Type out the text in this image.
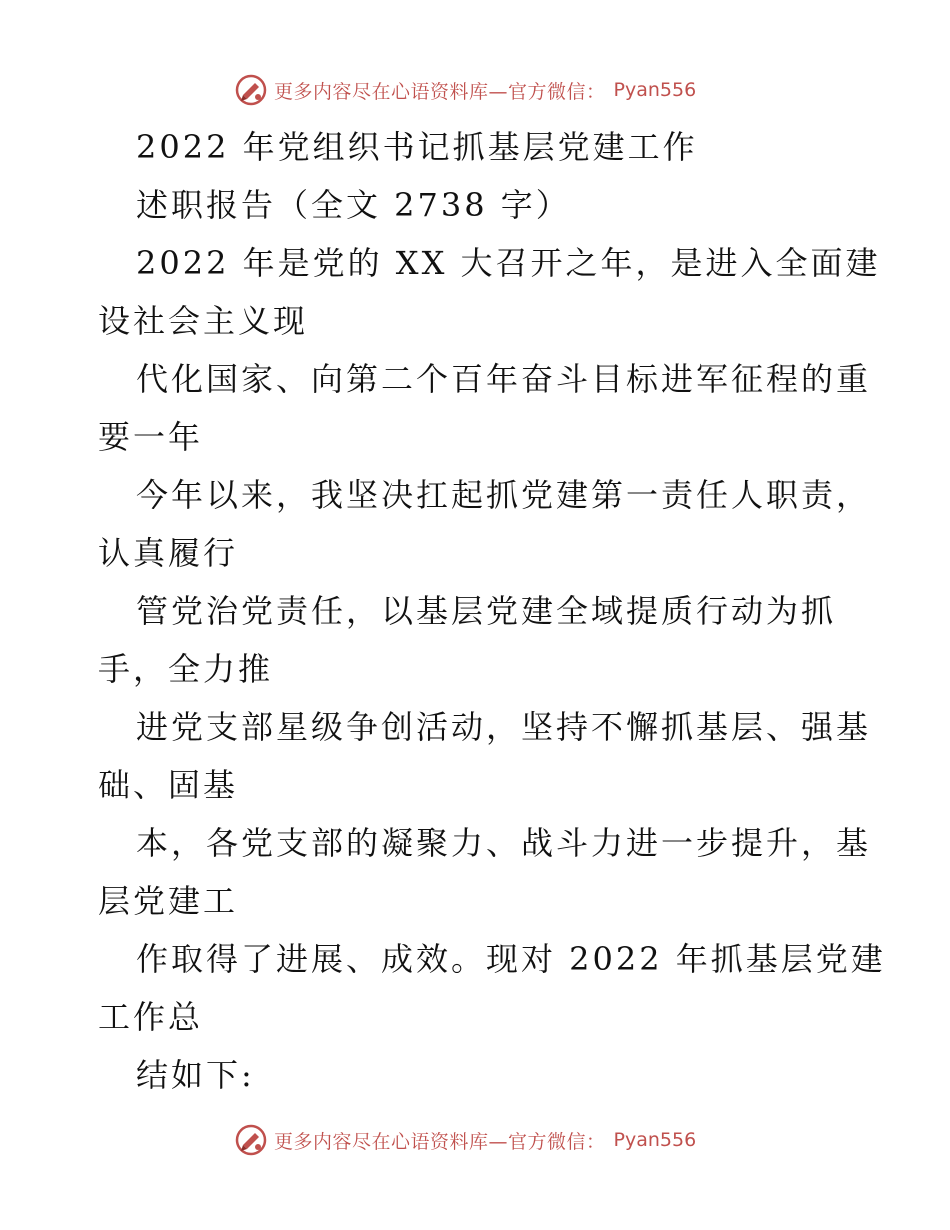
更多内容尽在心语资料库—官方微信： Pyan556
2022 年党组织书记抓基层党建工作
述职报告（全文 2738 字）
2022 年是党的 XX 大召开之年，是进入全面建
设社会主义现
代化国家、向第二个百年奋斗目标进军征程的重
要一年
今年以来，我坚决扛起抓党建第一责任人职责，
认真履行
管党治党责任，以基层党建全域提质行动为抓
手，全力推
进党支部星级争创活动，坚持不懈抓基层、强基
础、固基
本，各党支部的凝聚力、战斗力进一步提升，基
层党建工
作取得了进展、成效。现对 2022 年抓基层党建
工作总
结如下:
更多内容尽在心语资料库—官方微信： Pyan556
